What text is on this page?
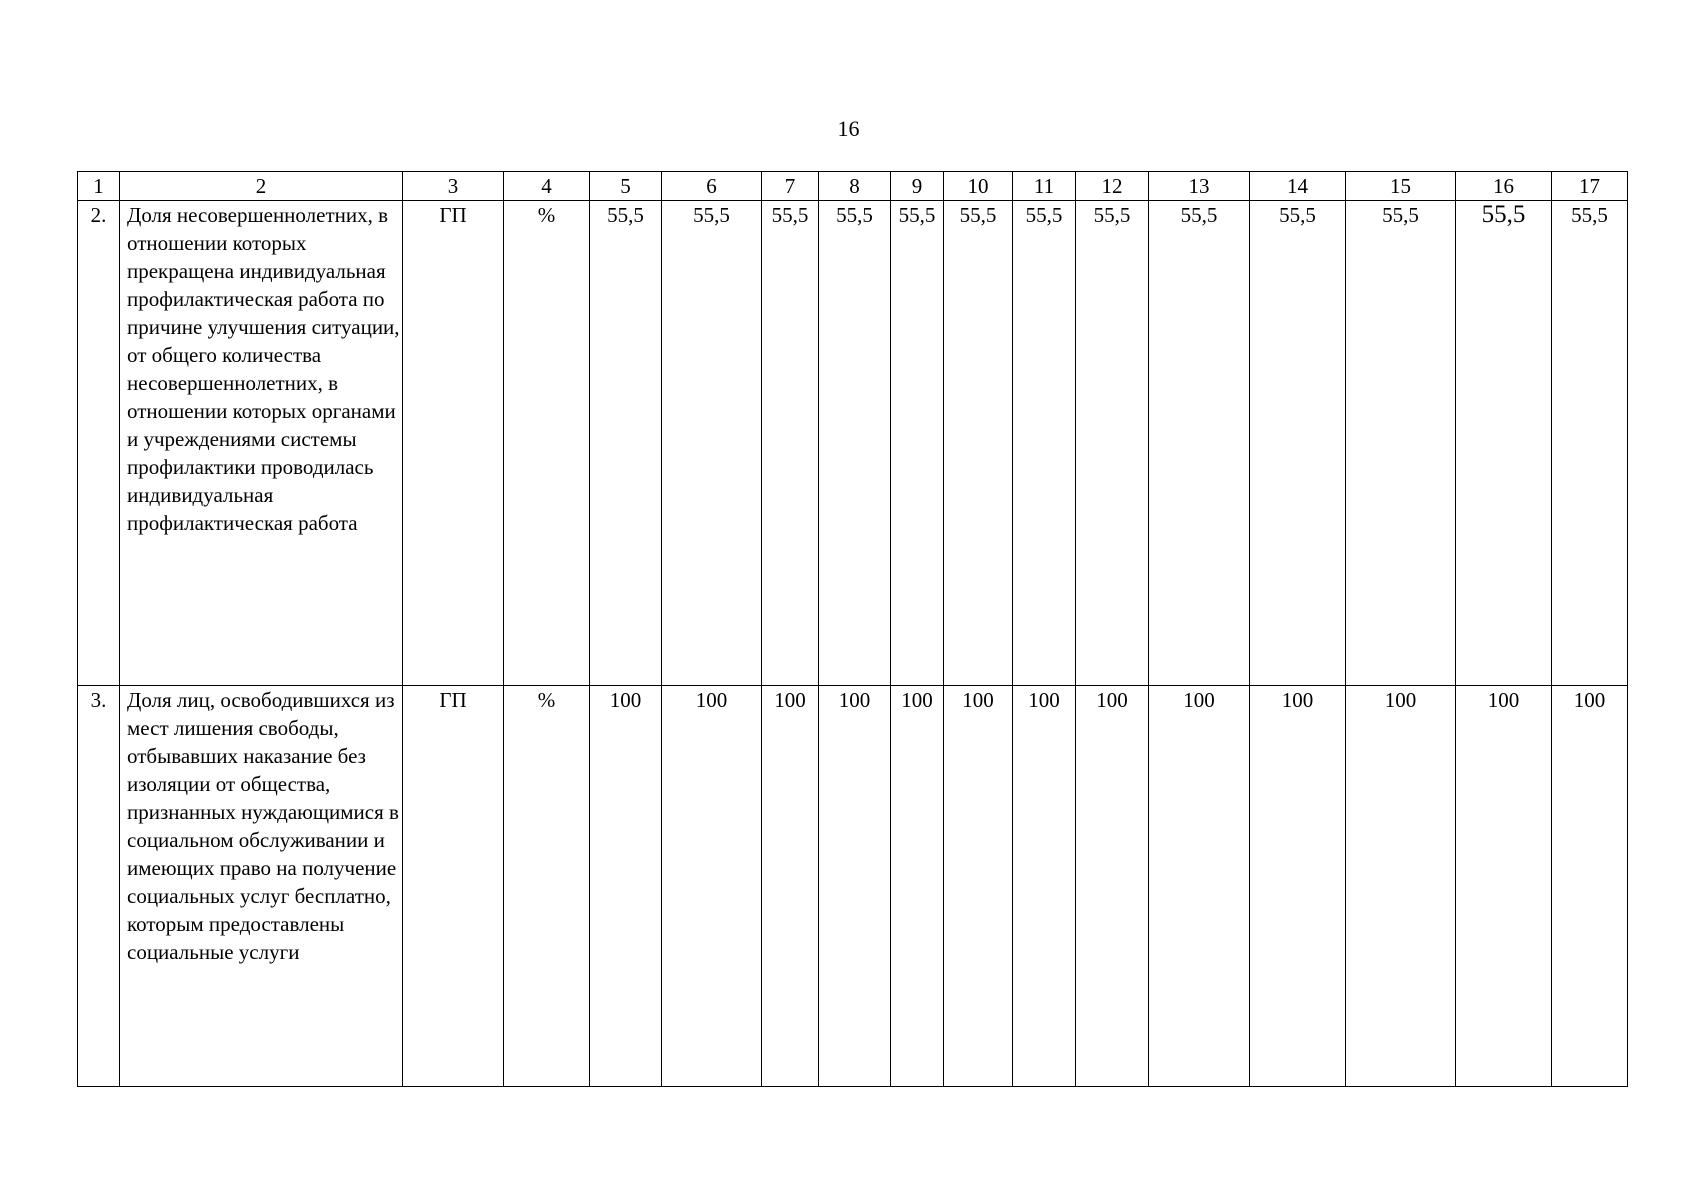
16
1	2	3	4	5	6	7	8	9	10	11	12	13	14	15	16	17
2.	Доля несовершеннолетних, в отношении которых прекращена индивидуальная профилактическая работа по причине улучшения ситуации, от общего количества несовершеннолетних, в отношении которых органами и учреждениями системы профилактики проводилась индивидуальная профилактическая работа	ГП	%	55,5	55,5	55,5	55,5	55,5	55,5	55,5	55,5	55,5	55,5	55,5	55,5	55,5
3.	Доля лиц, освободившихся из мест лишения свободы, отбывавших наказание без изоляции от общества, признанных нуждающимися в социальном обслуживании и имеющих право на получение социальных услуг бесплатно, которым предоставлены социальные услуги	ГП	%	100	100	100	100	100	100	100	100	100	100	100	100	100
